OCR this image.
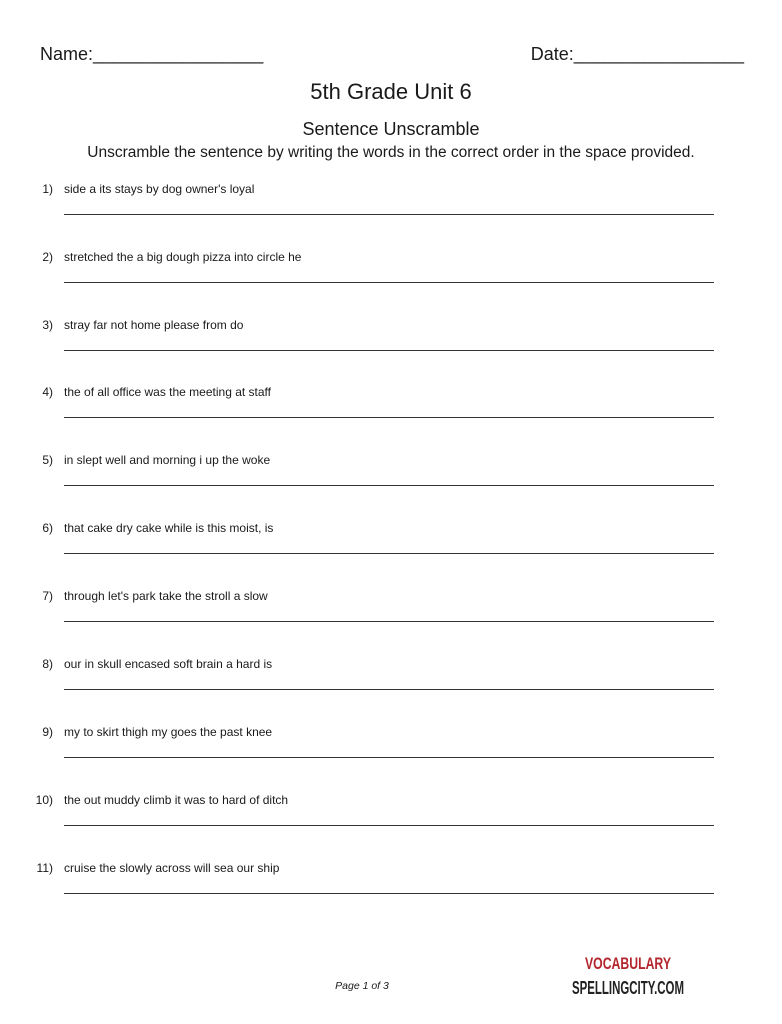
Name:_________________	Date:_________________
5th Grade Unit 6
Sentence Unscramble
Unscramble the sentence by writing the words in the correct order in the space provided.
1) side a its stays by dog owner's loyal
2) stretched the a big dough pizza into circle he
3) stray far not home please from do
4) the of all office was the meeting at staff
5) in slept well and morning i up the woke
6) that cake dry cake while is this moist, is
7) through let's park take the stroll a slow
8) our in skull encased soft brain a hard is
9) my to skirt thigh my goes the past knee
10) the out muddy climb it was to hard of ditch
11) cruise the slowly across will sea our ship
Page 1 of 3
VOCABULARY
SPELLINGCITY.COM
